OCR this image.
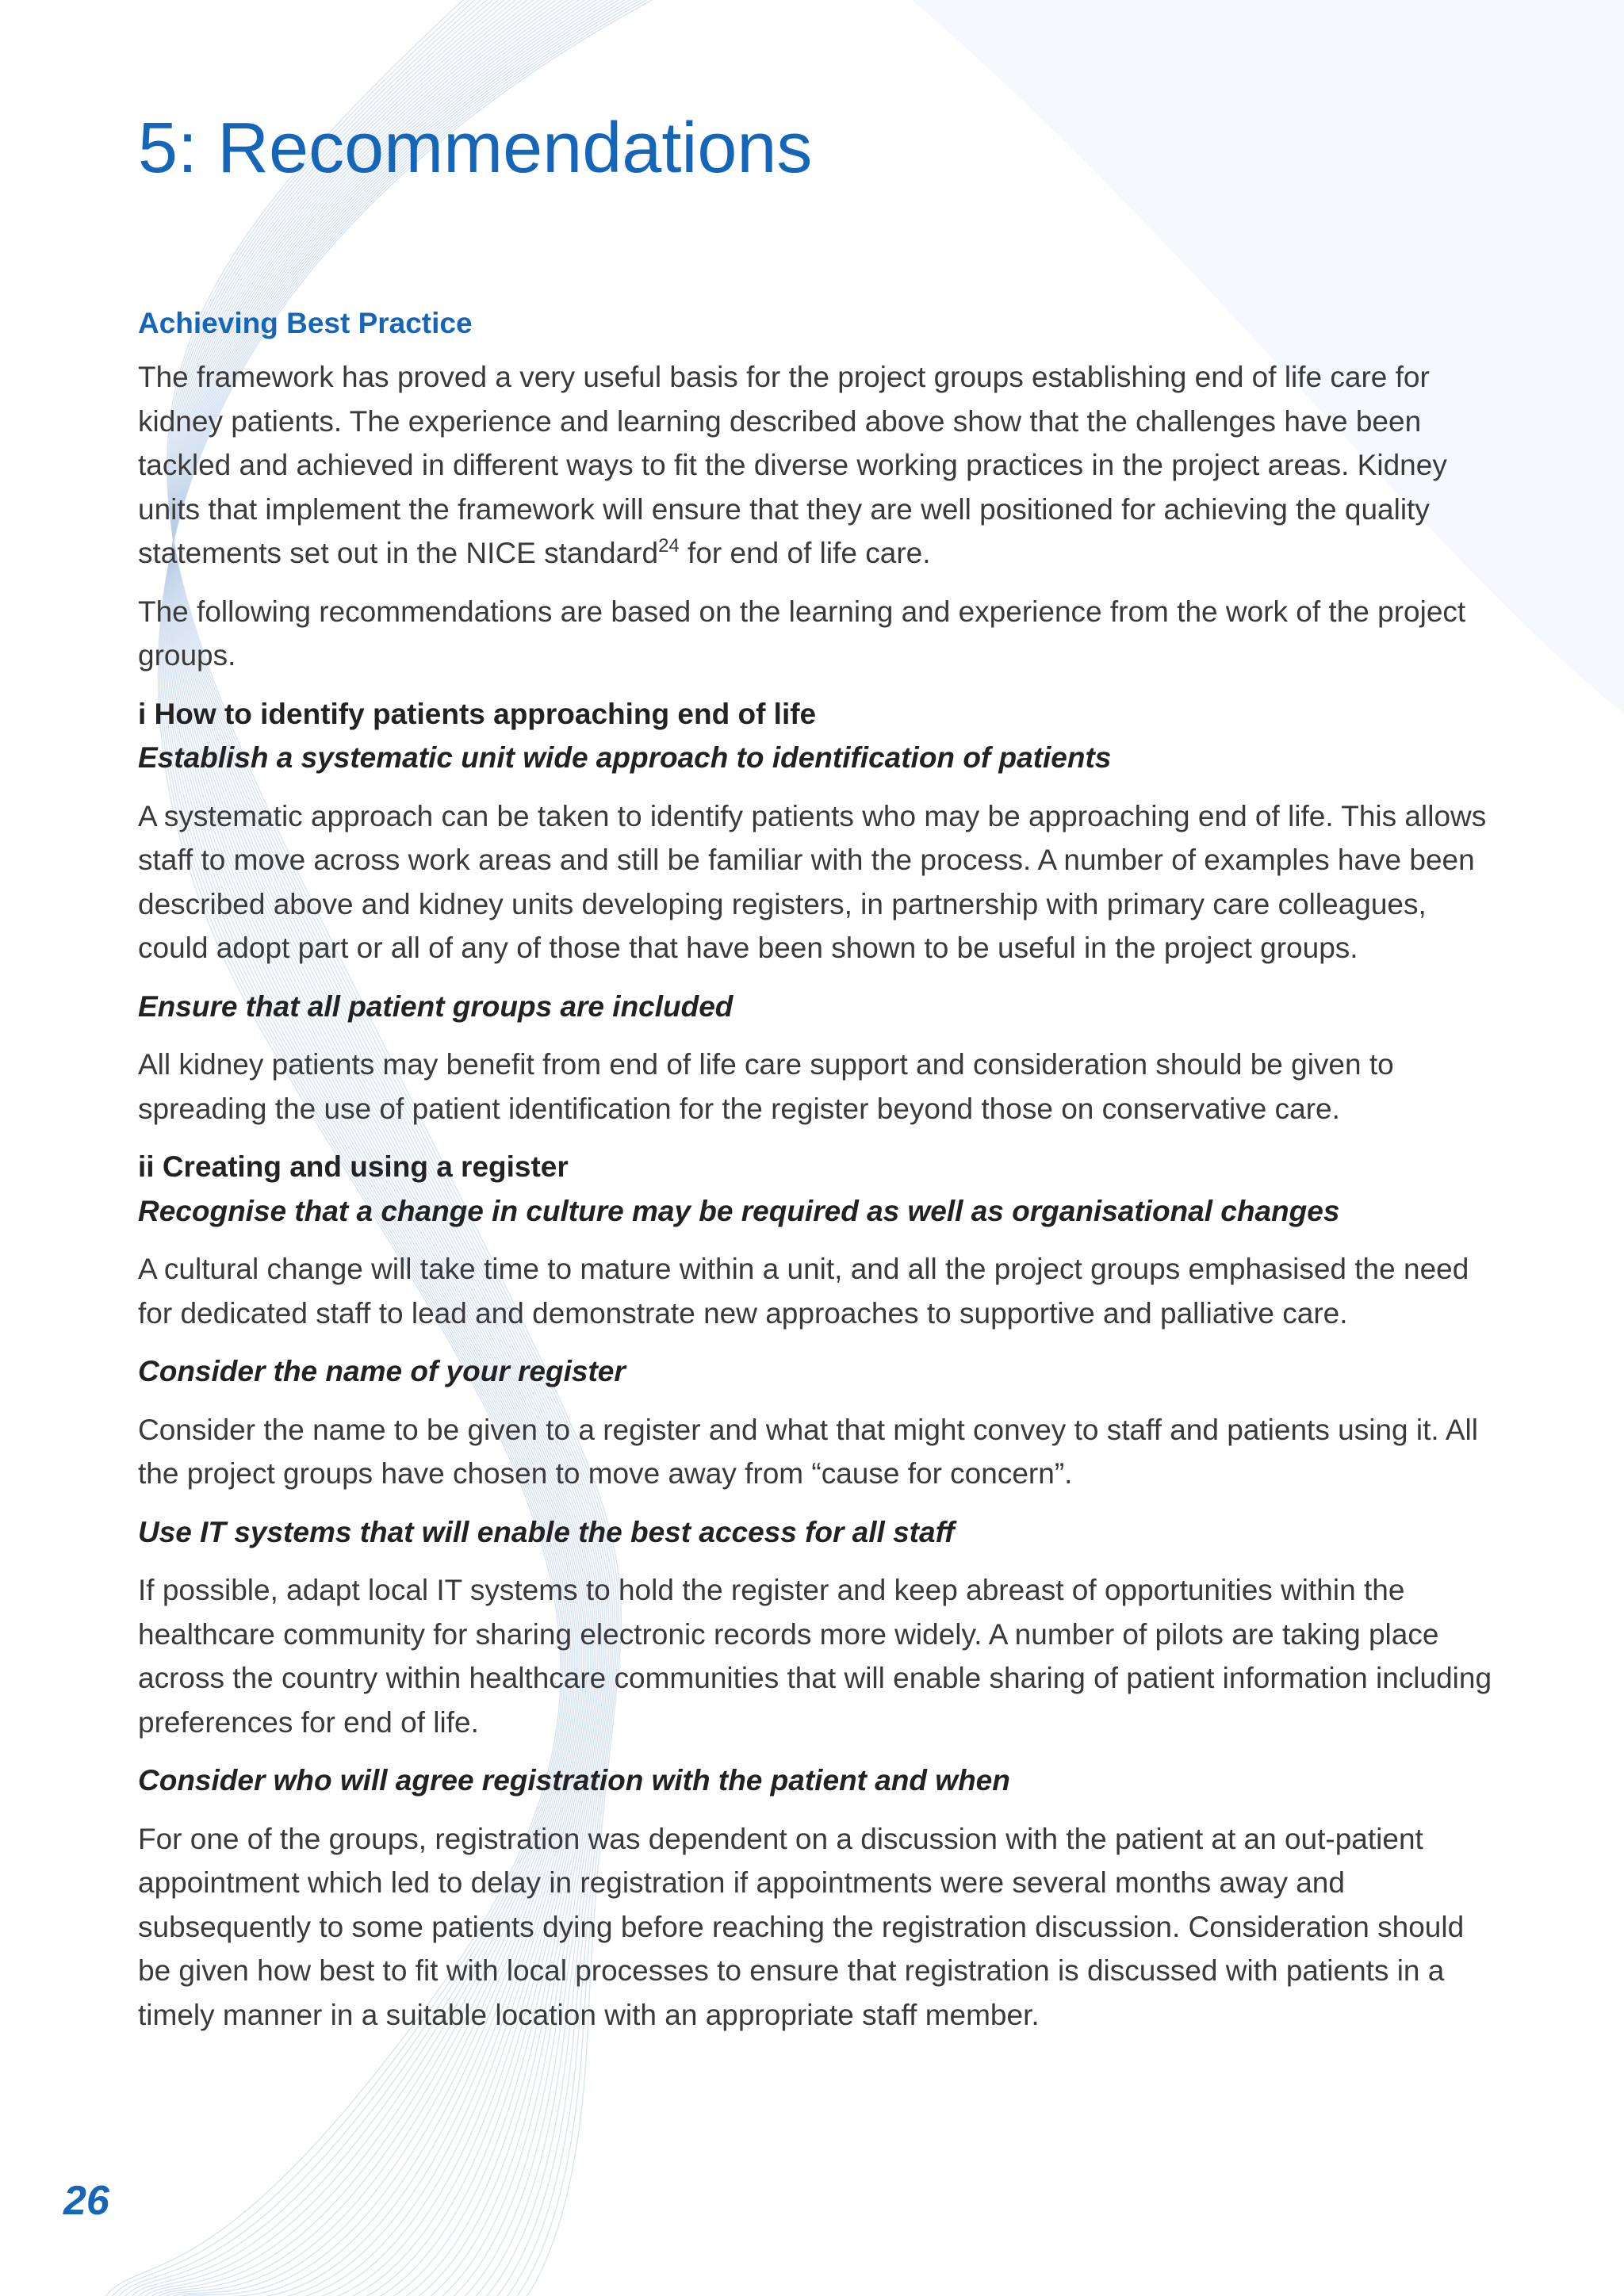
5: Recommendations
Achieving Best Practice

The framework has proved a very useful basis for the project groups establishing end of life care for kidney patients. The experience and learning described above show that the challenges have been tackled and achieved in different ways to fit the diverse working practices in the project areas. Kidney units that implement the framework will ensure that they are well positioned for achieving the quality statements set out in the NICE standard$^{24}$ for end of life care.

The following recommendations are based on the learning and experience from the work of the project groups.

i How to identify patients approaching end of life
Establish a systematic unit wide approach to identification of patients

A systematic approach can be taken to identify patients who may be approaching end of life. This allows staff to move across work areas and still be familiar with the process. A number of examples have been described above and kidney units developing registers, in partnership with primary care colleagues, could adopt part or all of any of those that have been shown to be useful in the project groups.

Ensure that all patient groups are included

All kidney patients may benefit from end of life care support and consideration should be given to spreading the use of patient identification for the register beyond those on conservative care.

ii Creating and using a register
Recognise that a change in culture may be required as well as organisational changes

A cultural change will take time to mature within a unit, and all the project groups emphasised the need for dedicated staff to lead and demonstrate new approaches to supportive and palliative care.

Consider the name of your register

Consider the name to be given to a register and what that might convey to staff and patients using it. All the project groups have chosen to move away from “cause for concern”.

Use IT systems that will enable the best access for all staff

If possible, adapt local IT systems to hold the register and keep abreast of opportunities within the healthcare community for sharing electronic records more widely. A number of pilots are taking place across the country within healthcare communities that will enable sharing of patient information including preferences for end of life.

Consider who will agree registration with the patient and when

For one of the groups, registration was dependent on a discussion with the patient at an out-patient appointment which led to delay in registration if appointments were several months away and subsequently to some patients dying before reaching the registration discussion. Consideration should be given how best to fit with local processes to ensure that registration is discussed with patients in a timely manner in a suitable location with an appropriate staff member.

26
